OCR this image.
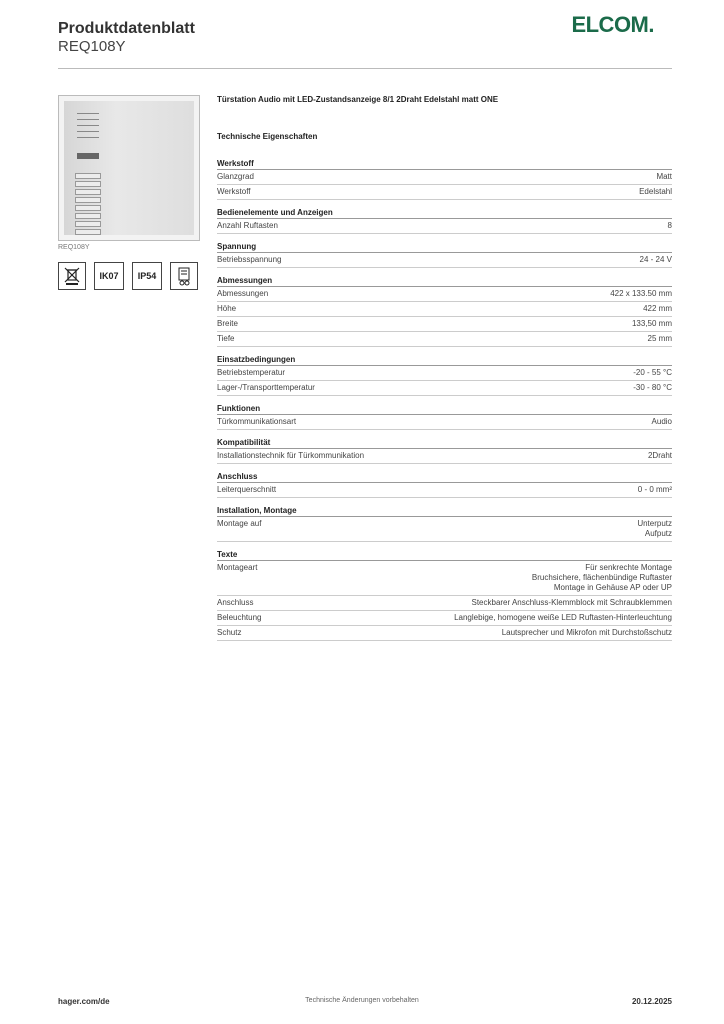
Produktdatenblatt
REQ108Y
ELCOM.
REQ108Y
IK07	IP54
Türstation Audio mit LED-Zustandsanzeige 8/1 2Draht Edelstahl matt ONE
Technische Eigenschaften
Werkstoff
Glanzgrad	Matt
Werkstoff	Edelstahl
Bedienelemente und Anzeigen
Anzahl Ruftasten	8
Spannung
Betriebsspannung	24 - 24 V
Abmessungen
Abmessungen	422 x 133.50 mm
Höhe	422 mm
Breite	133,50 mm
Tiefe	25 mm
Einsatzbedingungen
Betriebstemperatur	-20 - 55 °C
Lager-/Transporttemperatur	-30 - 80 °C
Funktionen
Türkommunikationsart	Audio
Kompatibilität
Installationstechnik für Türkommunikation	2Draht
Anschluss
Leiterquerschnitt	0 - 0 mm²
Installation, Montage
Montage auf	Unterputz
Aufputz
Texte
Montageart	Für senkrechte Montage
Bruchsichere, flächenbündige Ruftaster
Montage in Gehäuse AP oder UP
Anschluss	Steckbarer Anschluss-Klemmblock mit Schraubklemmen
Beleuchtung	Langlebige, homogene weiße LED Ruftasten-Hinterleuchtung
Schutz	Lautsprecher und Mikrofon mit Durchstoßschutz
hager.com/de	Technische Änderungen vorbehalten	20.12.2025
